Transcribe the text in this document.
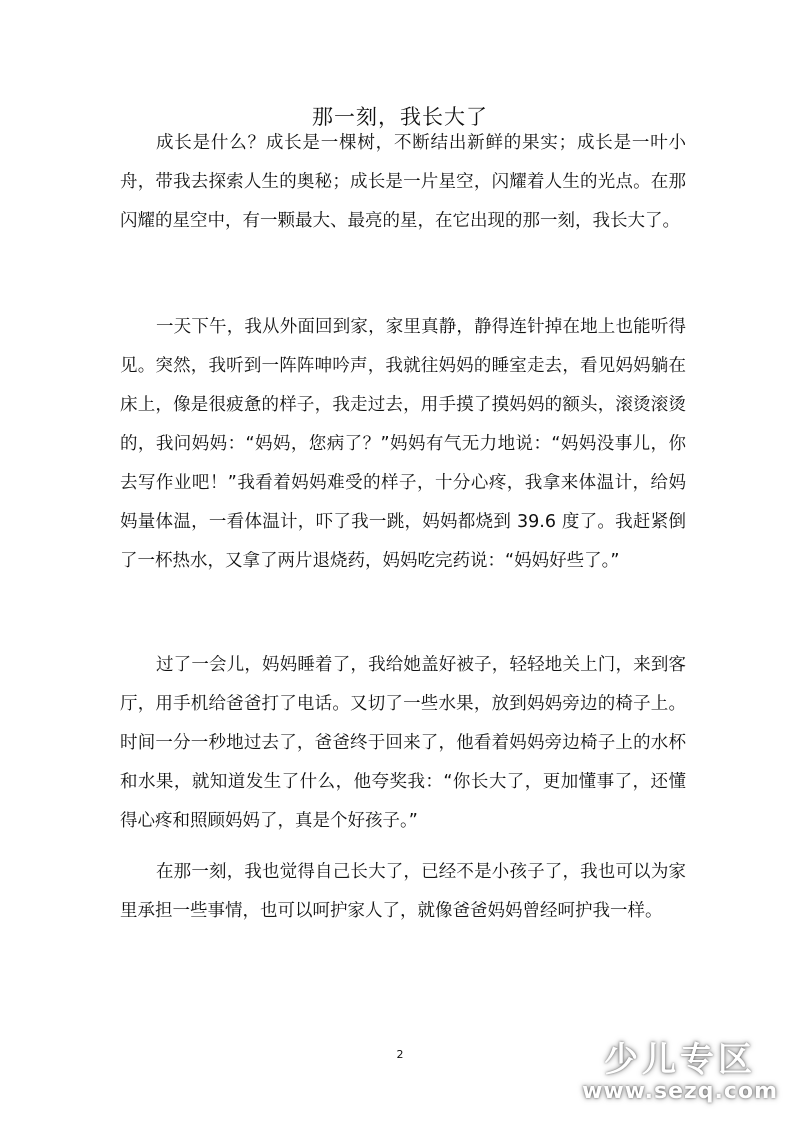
那一刻，我长大了

成长是什么？成长是一棵树，不断结出新鲜的果实；成长是一叶小舟，带我去探索人生的奥秘；成长是一片星空，闪耀着人生的光点。在那闪耀的星空中，有一颗最大、最亮的星，在它出现的那一刻，我长大了。

一天下午，我从外面回到家，家里真静，静得连针掉在地上也能听得见。突然，我听到一阵阵呻吟声，我就往妈妈的睡室走去，看见妈妈躺在床上，像是很疲惫的样子，我走过去，用手摸了摸妈妈的额头，滚烫滚烫的，我问妈妈：“妈妈，您病了？”妈妈有气无力地说：“妈妈没事儿，你去写作业吧！”我看着妈妈难受的样子，十分心疼，我拿来体温计，给妈妈量体温，一看体温计，吓了我一跳，妈妈都烧到 39.6 度了。我赶紧倒了一杯热水，又拿了两片退烧药，妈妈吃完药说：“妈妈好些了。”

过了一会儿，妈妈睡着了，我给她盖好被子，轻轻地关上门，来到客厅，用手机给爸爸打了电话。又切了一些水果，放到妈妈旁边的椅子上。时间一分一秒地过去了，爸爸终于回来了，他看着妈妈旁边椅子上的水杯和水果，就知道发生了什么，他夸奖我：“你长大了，更加懂事了，还懂得心疼和照顾妈妈了，真是个好孩子。”

在那一刻，我也觉得自己长大了，已经不是小孩子了，我也可以为家里承担一些事情，也可以呵护家人了，就像爸爸妈妈曾经呵护我一样。

2	少儿专区
www.sezq.com
